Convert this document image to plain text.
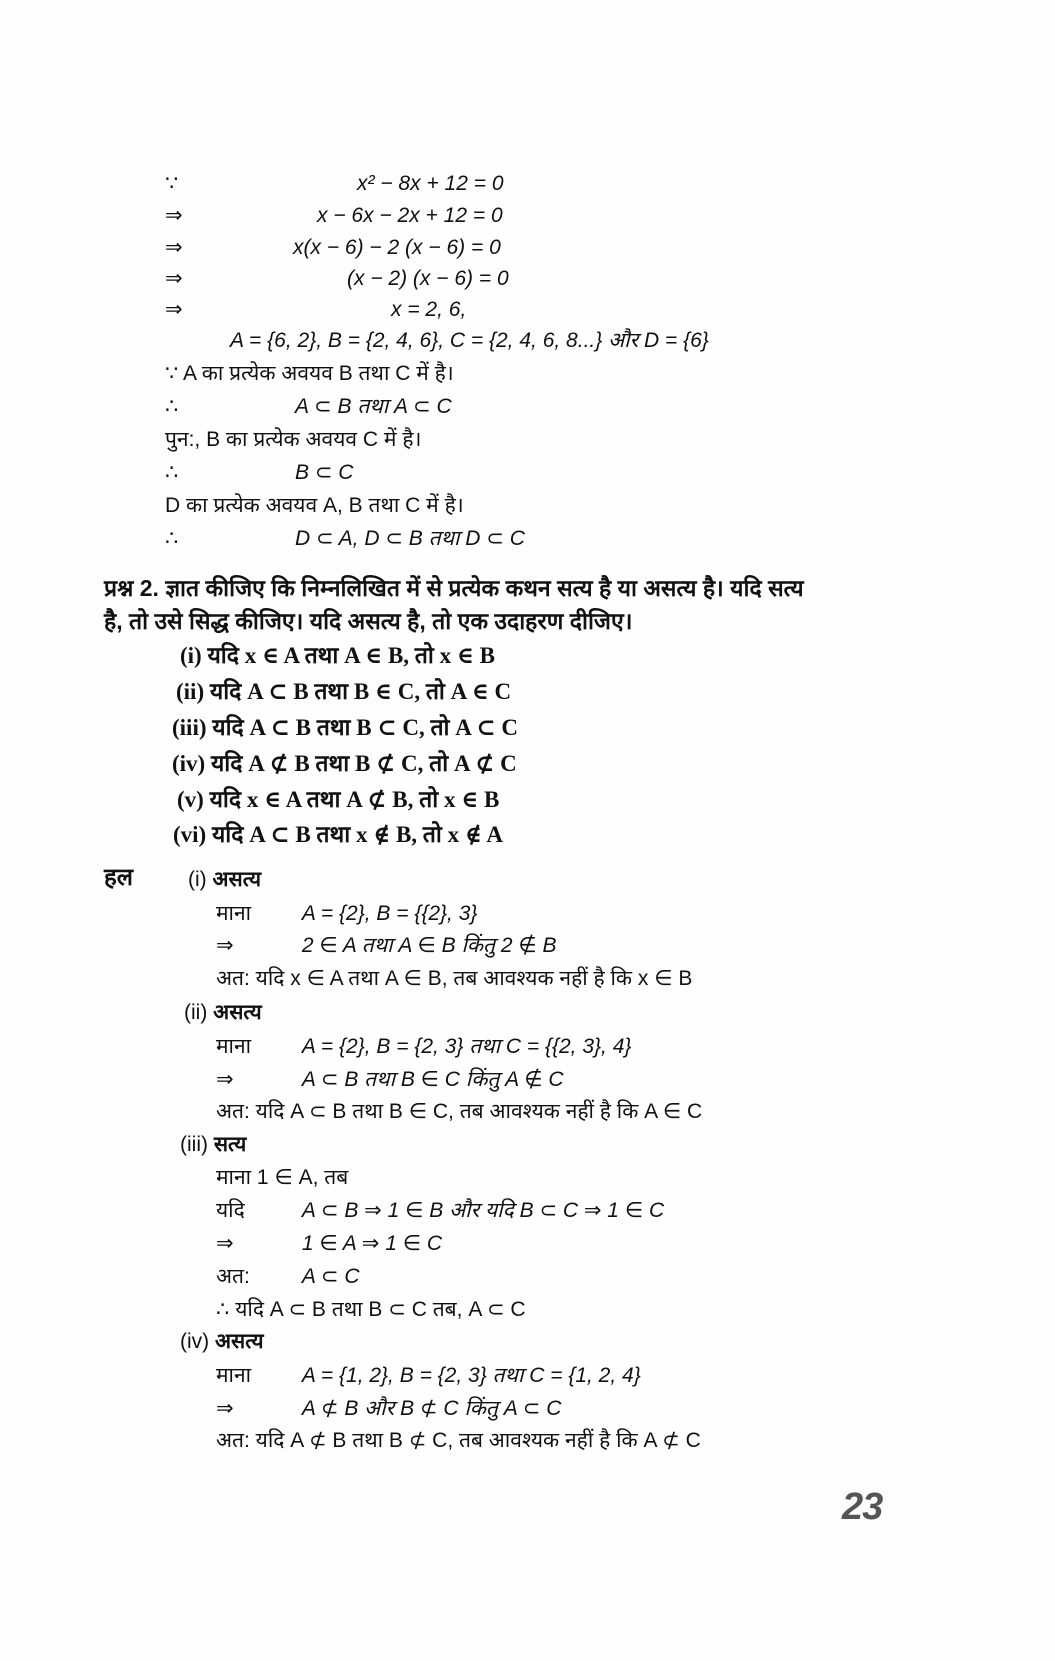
∵	x² − 8x + 12 = 0
⇒	x − 6x − 2x + 12 = 0
⇒	x(x − 6) − 2 (x − 6) = 0
⇒	(x − 2) (x − 6) = 0
⇒	x = 2, 6,
A = {6, 2}, B = {2, 4, 6}, C = {2, 4, 6, 8...} और D = {6}
∵ A का प्रत्येक अवयव B तथा C में है।
∴	A ⊂ B तथा A ⊂ C
पुन:, B का प्रत्येक अवयव C में है।
∴	B ⊂ C
D का प्रत्येक अवयव A, B तथा C में है।
∴	D ⊂ A, D ⊂ B तथा D ⊂ C
प्रश्न 2. ज्ञात कीजिए कि निम्नलिखित में से प्रत्येक कथन सत्य है या असत्य है। यदि सत्य
है, तो उसे सिद्ध कीजिए। यदि असत्य है, तो एक उदाहरण दीजिए।
(i) यदि x ∈ A तथा A ∈ B, तो x ∈ B
(ii) यदि A ⊂ B तथा B ∈ C, तो A ∈ C
(iii) यदि A ⊂ B तथा B ⊂ C, तो A ⊂ C
(iv) यदि A ⊄ B तथा B ⊄ C, तो A ⊄ C
(v) यदि x ∈ A तथा A ⊄ B, तो x ∈ B
(vi) यदि A ⊂ B तथा x ∉ B, तो x ∉ A
हल	(i) असत्य
माना A = {2}, B = {{2}, 3}
⇒	2 ∈ A तथा A ∈ B किंतु 2 ∉ B
अत: यदि x ∈ A तथा A ∈ B, तब आवश्यक नहीं है कि x ∈ B
(ii) असत्य
माना A = {2}, B = {2, 3} तथा C = {{2, 3}, 4}
⇒	A ⊂ B तथा B ∈ C किंतु A ∉ C
अत: यदि A ⊂ B तथा B ∈ C, तब आवश्यक नहीं है कि A ∈ C
(iii) सत्य
माना 1 ∈ A, तब
यदि	A ⊂ B ⇒ 1 ∈ B और यदि B ⊂ C ⇒ 1 ∈ C
⇒	1 ∈ A ⇒ 1 ∈ C
अत: A ⊂ C
∴ यदि A ⊂ B तथा B ⊂ C तब, A ⊂ C
(iv) असत्य
माना A = {1, 2}, B = {2, 3} तथा C = {1, 2, 4}
⇒	A ⊄ B और B ⊄ C किंतु A ⊂ C
अत: यदि A ⊄ B तथा B ⊄ C, तब आवश्यक नहीं है कि A ⊄ C
23
